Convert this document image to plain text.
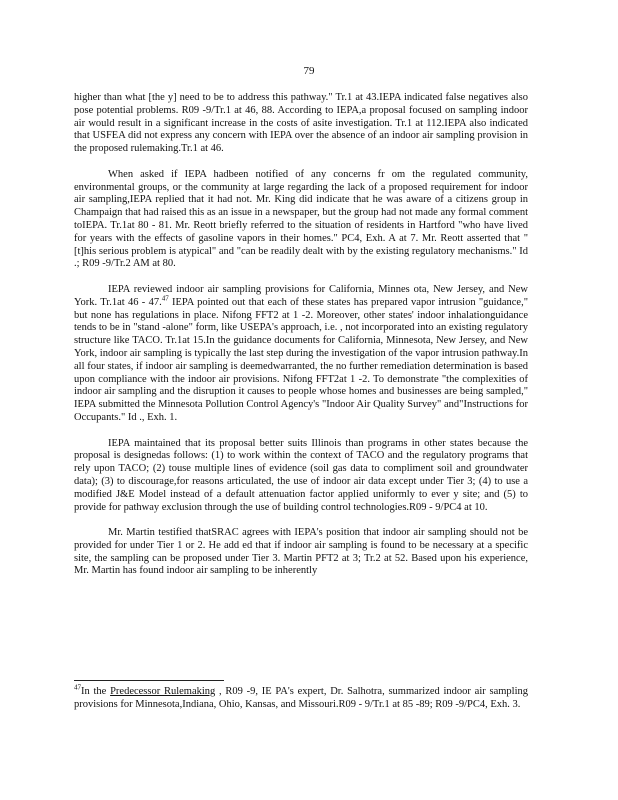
79

higher than what [the y] need to be to address this pathway." Tr.1 at 43.IEPA indicated false negatives also pose potential problems. R09 -9/Tr.1 at 46, 88. According to IEPA,a proposal focused on sampling indoor air would result in a significant increase in the costs of asite investigation. Tr.1 at 112.IEPA also indicated that USFEA did not express any concern with IEPA over the absence of an indoor air sampling provision in the proposed rulemaking.Tr.1 at 46.

When asked if IEPA hadbeen notified of any concerns fr om the regulated community, environmental groups, or the community at large regarding the lack of a proposed requirement for indoor air sampling,IEPA replied that it had not. Mr. King did indicate that he was aware of a citizens group in Champaign that had raised this as an issue in a newspaper, but the group had not made any formal comment toIEPA. Tr.1at 80 - 81. Mr. Reott briefly referred to the situation of residents in Hartford "who have lived for years with the effects of gasoline vapors in their homes." PC4, Exh. A at 7. Mr. Reott asserted that "[t]his serious problem is atypical" and "can be readily dealt with by the existing regulatory mechanisms." Id .; R09 -9/Tr.2 AM at 80.

IEPA reviewed indoor air sampling provisions for California, Minnes ota, New Jersey, and New York. Tr.1at 46 - 47.47 IEPA pointed out that each of these states has prepared vapor intrusion "guidance," but none has regulations in place. Nifong FFT2 at 1 -2. Moreover, other states' indoor inhalationguidance tends to be in "stand -alone" form, like USEPA's approach, i.e. , not incorporated into an existing regulatory structure like TACO. Tr.1at 15.In the guidance documents for California, Minnesota, New Jersey, and New York, indoor air sampling is typically the last step during the investigation of the vapor intrusion pathway.In all four states, if indoor air sampling is deemedwarranted, the no further remediation determination is based upon compliance with the indoor air provisions. Nifong FFT2at 1 -2. To demonstrate "the complexities of indoor air sampling and the disruption it causes to people whose homes and businesses are being sampled," IEPA submitted the Minnesota Pollution Control Agency's "Indoor Air Quality Survey" and"Instructions for Occupants." Id ., Exh. 1.

IEPA maintained that its proposal better suits Illinois than programs in other states because the proposal is designedas follows: (1) to work within the context of TACO and the regulatory programs that rely upon TACO; (2) touse multiple lines of evidence (soil gas data to compliment soil and groundwater data); (3) to discourage,for reasons articulated, the use of indoor air data except under Tier 3; (4) to use a modified J&E Model instead of a default attenuation factor applied uniformly to ever y site; and (5) to provide for pathway exclusion through the use of building control technologies.R09 - 9/PC4 at 10.

Mr. Martin testified thatSRAC agrees with IEPA's position that indoor air sampling should not be provided for under Tier 1 or 2. He add ed that if indoor air sampling is found to be necessary at a specific site, the sampling can be proposed under Tier 3. Martin PFT2 at 3; Tr.2 at 52. Based upon his experience, Mr. Martin has found indoor air sampling to be inherently

$^{47}$In the Predecessor Rulemaking , R09 -9, IE PA's expert, Dr. Salhotra, summarized indoor air sampling provisions for Minnesota,Indiana, Ohio, Kansas, and Missouri.R09 - 9/Tr.1 at 85 -89; R09 -9/PC4, Exh. 3.
